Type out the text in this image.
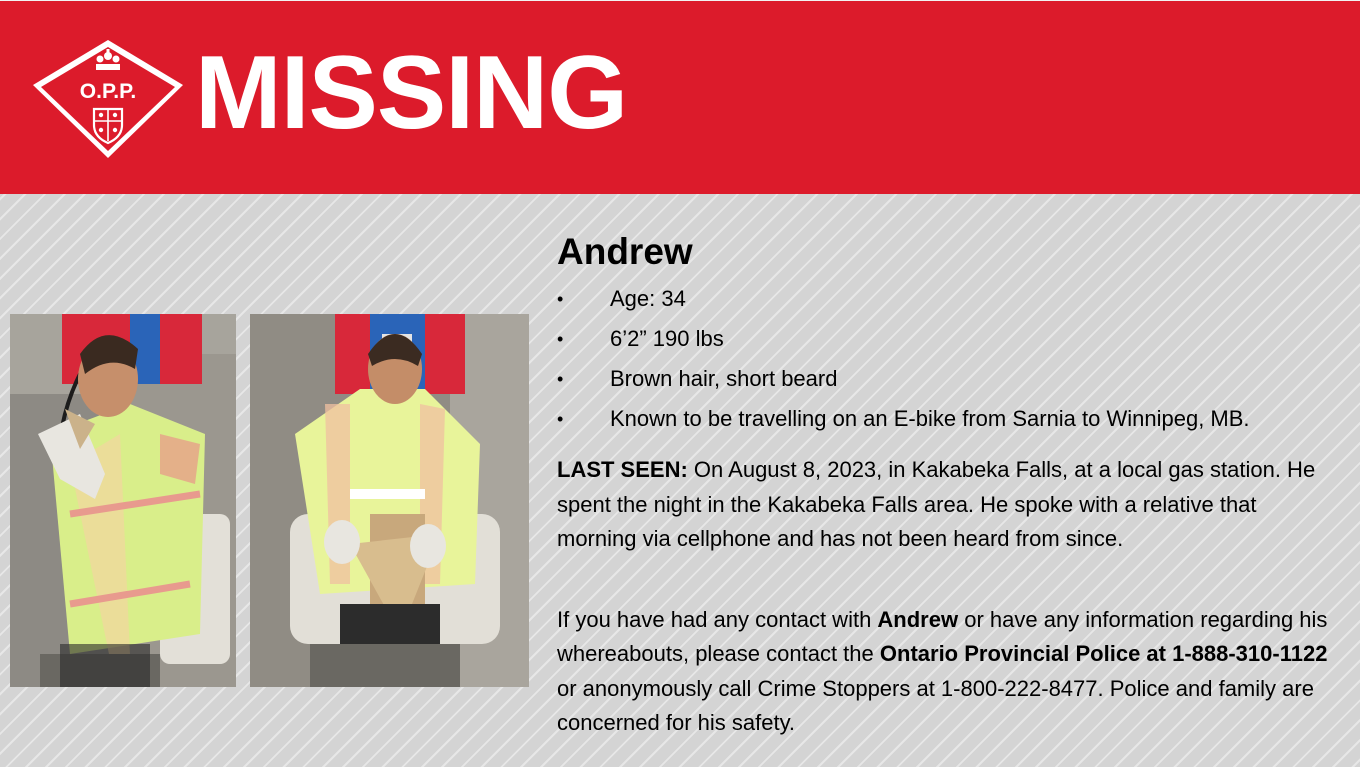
O.P.P. MISSING
Andrew
• Age: 34
• 6’2” 190 lbs
• Brown hair, short beard
• Known to be travelling on an E-bike from Sarnia to Winnipeg, MB.

LAST SEEN: On August 8, 2023, in Kakabeka Falls, at a local gas station. He spent the night in the Kakabeka Falls area. He spoke with a relative that morning via cellphone and has not been heard from since.

If you have had any contact with Andrew or have any information regarding his whereabouts, please contact the Ontario Provincial Police at 1-888-310-1122 or anonymously call Crime Stoppers at 1-800-222-8477. Police and family are concerned for his safety.
